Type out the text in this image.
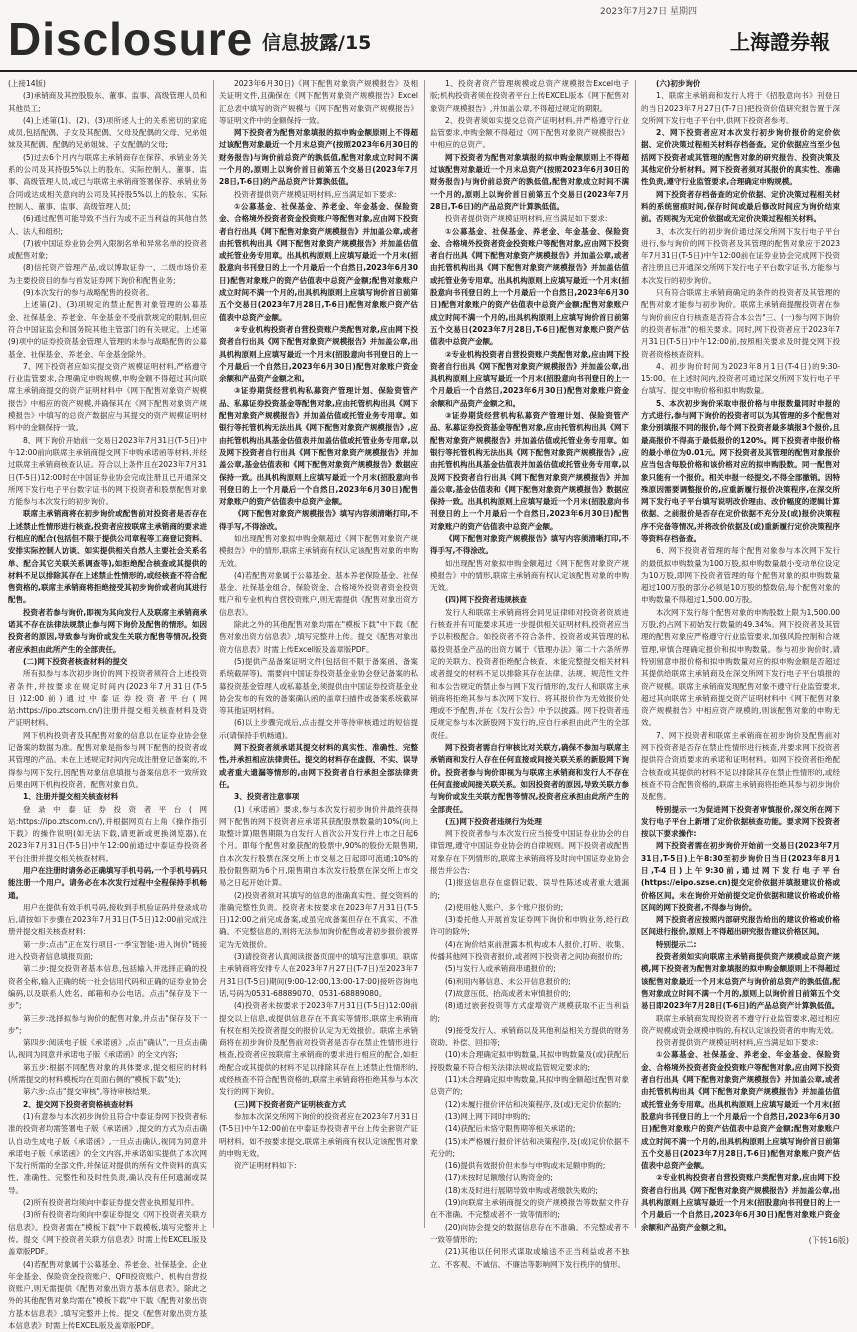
Disclosure 信息披露/15
2023年7月27日 星期四
上海證券報

(上接14版)

(3)承销商及其控股股东、董事、监事、高级管理人员和其他员工;

(4)上述第(1)、(2)、(3)项所述人士的关系密切的家庭成员,包括配偶、子女及其配偶、父母及配偶的父母、兄弟姐妹及其配偶、配偶的兄弟姐妹、子女配偶的父母;

(5)过去6个月内与联席主承销商存在保荐、承销业务关系的公司及其持股5%以上的股东、实际控制人、董事、监事、高级管理人员,或已与联席主承销商签署保荐、承销业务合同或达成相关意向的公司及其持股5%以上的股东、实际控制人、董事、监事、高级管理人员;

(6)通过配售可能导致不当行为或不正当利益的其他自然人、法人和组织;

(7)被中国证券业协会列入限制名单和异常名单的投资者或配售对象;

(8)信托资产管理产品,或以博取证券一、二级市场价差为主要投资目的参与首发证券网下询价和配售业务;

(9)本次发行的参与战略配售的投资者。

上述第(2)、(3)项规定的禁止配售对象管理的公募基金、社保基金、养老金、年金基金不受前款规定的限制,但应符合中国证监会和国务院其他主管部门的有关规定。上述第(9)项中的证券投资基金管理人管理的未参与战略配售的公募基金、社保基金、养老金、年金基金除外。

7、网下投资者应如实提交资产规模证明材料,严格遵守行业监管要求,合理确定申购规模,申购金额不得超过其向联席主承销商提交的资产证明材料中《网下配售对象资产规模报告》中相应的资产规模,并确保其在《网下配售对象资产规模报告》中填写的总资产数据应与其提交的资产规模证明材料中的金额保持一致。

8、网下询价开始前一交易日2023年7月31日(T-5日)中午12:00前向联席主承销商提交网下申购承诺函等材料,并经过联席主承销商核查认证。符合以上条件且在2023年7月31日(T-5日)12:00时在中国证券业协会完成注册且已开通深交所网下发行电子平台数字证书的网下投资者和股票配售对象方能参与本次发行的初步询价。

联席主承销商将在初步询价或配售前对投资者是否存在上述禁止性情形进行核查,投资者应按联席主承销商的要求进行相应的配合(包括但不限于提供公司章程等工商登记资料、安排实际控制人访谈、如实提供相关自然人主要社会关系名单、配合其它关联关系调查等),如拒绝配合核查或其提供的材料不足以排除其存在上述禁止性情形的,或经核查不符合配售资格的,联席主承销商将拒绝接受其初步询价或者向其进行配售。

投资者若参与询价,即视为其向发行人及联席主承销商承诺其不存在法律法规禁止参与网下询价及配售的情形。如因投资者的原因,导致参与询价或发生关联方配售等情况,投资者应承担由此所产生的全部责任。

(二)网下投资者核查材料的提交

所有拟参与本次初步询价的网下投资者须符合上述投资者条件,并按要求在规定时间内(2023年7月31日(T-5日)12:00前)通过中泰证券投资者平台(网站:https://ipo.ztscom.cn/)注册并提交相关核查材料及资产证明材料。

网下机构投资者及其配售对象的信息以在证券业协会登记备案的数据为准。配售对象是指参与网下配售的投资者或其管理的产品。未在上述规定时间内完成注册登记备案的,不得参与网下发行,因配售对象信息填报与备案信息不一致所致后果由网下机构投资者、配售对象自负。

1、注册并提交相关核查材料

登录中泰证券投资者平台(网站:https://ipo.ztscom.cn/),并根据网页右上角《操作指引下载》的操作说明(如无法下载,请更新或更换浏览器),在2023年7月31日(T-5日)中午12:00前通过中泰证券投资者平台注册并提交相关核查材料。

用户在注册时请务必正确填写手机号码,一个手机号码只能注册一个用户。请务必在本次发行过程中全程保持手机畅通。

用户在提供有效手机号码,接收到手机验证码并登录成功后,请按如下步骤在2023年7月31日(T-5日)12:00前完成注册并提交相关核查材料:

第一步:点击"正在发行项目-一季宝智能-进入询价"链接进入投资者信息填报页面;

第二步:提交投资者基本信息,包括输入并选择正确的投资者全称,输入正确的统一社会信用代码和正确的证券业协会编码,以及联系人姓名、邮箱和办公电话。点击"保存及下一步";

第三步:选择拟参与询价的配售对象,并点击"保存及下一步";

第四步:阅读电子版《承诺函》,点击"确认",一旦点击确认,视同为同意并承诺电子版《承诺函》的全文内容;

第五步:根据不同配售对象的具体要求,提交相应的材料(所需提交的材料模板均在页面右侧的"模板下载"处);

第六步:点击"提交审核",等待审核结果。

2、提交网下投资者资格核查材料

(1)有意参与本次初步询价且符合中泰证券网下投资者标准的投资者均需签署电子版《承诺函》,提交的方式为点击确认自动生成电子版《承诺函》,一旦点击确认,视同为同意并承诺电子版《承诺函》的全文内容,并承诺如实提供了本次网下发行所需的全部文件,并保证对提供的所有文件资料的真实性、准确性、完整性和及时性负责,确认没有任何遗漏或误导。

(2)所有投资者均须向中泰证券提交营业执照复印件。

(3)所有投资者均须向中泰证券提交《网下投资者关联方信息表》。投资者需在"模板下载"中下载模板,填写完整并上传。提交《网下投资者关联方信息表》时需上传EXCEL版及盖章版PDF。

(4)若配售对象属于公募基金、养老金、社保基金、企业年金基金、保险资金投资账户、QFII投资账户、机构自营投资账户,则无需提供《配售对象出资方基本信息表》。除此之外的其他配售对象均需在"模板下载"中下载《配售对象出资方基本信息表》,填写完整并上传。提交《配售对象出资方基本信息表》时需上传EXCEL版及盖章版PDF。

2023年6月30日)《网下配售对象资产规模报告》及相关证明文件,且确保在《网下配售对象资产规模报告》Excel汇总表中填写的资产规模与《网下配售对象资产规模报告》等证明文件中的金额保持一致。

网下投资者为配售对象填报的拟申购金额原则上不得超过该配售对象最近一个月末总资产(按照2023年6月30日的财务报告)与询价前总资产的孰低值,配售对象成立时间不满一个月的,原则上以询价首日前第五个交易日(2023年7月28日,T-6日)的产品总资产计算孰低值。

投资者提供资产规模证明材料,应当满足如下要求:

①公募基金、社保基金、养老金、年金基金、保险资金、合格境外投资者资金投资账户等配售对象,应由网下投资者自行出具《网下配售对象资产规模报告》并加盖公章,或者由托管机构出具《网下配售对象资产规模报告》并加盖估值或托管业务专用章。出具机构原则上应填写最近一个月末(招股意向书刊登日的上一个月最后一个自然日,2023年6月30日)配售对象账户的资产估值表中总资产金额;配售对象账户成立时间不满一个月的,出具机构原则上应填写询价首日前第五个交易日(2023年7月28日,T-6日)配售对象账户资产估值表中总资产金额。

②专业机构投资者自营投资账户类配售对象,应由网下投资者自行出具《网下配售对象资产规模报告》并加盖公章,出具机构原则上应填写最近一个月末(招股意向书刊登日的上一个月最后一个自然日,2023年6月30日)配售对象账户资金余额和产品资产金额之和。

③证券期货经营机构私募资产管理计划、保险资管产品、私募证券投资基金等配售对象,应由托管机构出具《网下配售对象资产规模报告》并加盖估值或托管业务专用章。如银行等托管机构无法出具《网下配售对象资产规模报告》,应由托管机构出具基金估值表并加盖估值或托管业务专用章,以及网下投资者自行出具《网下配售对象资产规模报告》并加盖公章,基金估值表和《网下配售对象资产规模报告》数据应保持一致。出具机构原则上应填写最近一个月末(招股意向书刊登日的上一个月最后一个自然日,2023年6月30日)配售对象账户的资产估值表中总资产金额。

《网下配售对象资产规模报告》填写内容须清晰打印,不得手写,不得涂改。

如出现配售对象拟申购金额超过《网下配售对象资产规模报告》中的情形,联席主承销商有权认定该配售对象的申购无效。

(4)若配售对象属于公募基金、基本养老保险基金、社保基金、社保基金组合、保险资金、合格境外投资者资金投资账户和专业机构自营投资账户,则无需提供《配售对象出资方信息表》。

除此之外的其他配售对象均需在"模板下载"中下载《配售对象出资方信息表》,填写完整并上传。提交《配售对象出资方信息表》时需上传Excel版及盖章版PDF。

(5)提供产品备案证明文件(包括但不限于备案函、备案系统截屏等)。需要向中国证券投资基金业协会登记备案的私募投资基金管理人或私募基金,须提供由中国证券投资基金业协会发布的有效的备案确认函的盖章扫描件或备案系统截屏等其他证明材料。

(6)以上步骤完成后,点击提交并等待审核通过的短信提示(请保持手机畅通)。

网下投资者须承诺其提交材料的真实性、准确性、完整性,并承担相应法律责任。提交的材料存在虚假、不实、误导或者重大遗漏等情形的,由网下投资者自行承担全部法律责任。

3、投资者注意事项

(1)《承诺函》要求,参与本次发行初步询价并最终获得网下配售的网下投资者应承诺其获配股票数量的10%(向上取整计算)限售期限为自发行人首次公开发行并上市之日起6个月。即每个配售对象获配的股票中,90%的股份无限售期,自本次发行股票在深交所上市交易之日起即可流通;10%的股份限售期为6个月,限售期自本次发行股票在深交所上市交易之日起开始计算。

(2)投资者须对其填写的信息的准确真实性、提交资料的准确完整性负责。投资者未按要求在2023年7月31日(T-5日)12:00之前完成备案,或虽完成备案但存在不真实、不准确、不完整信息的,则将无法参加询价配售或者初步报价被界定为无效报价。

(3)请投资者认真阅读报备页面中的填写注意事项。联席主承销商将安排专人在2023年7月27日(T-7日)至2023年7月31日(T-5日)期间(9:00-12:00,13:00-17:00)接听咨询电话,号码为0531-68889070、0531-68889080。

(4)投资者未按要求于2023年7月31日(T-5日)12:00前提交以上信息,或提供信息存在不真实等情形,联席主承销商有权在相关投资者提交的报价认定为无效报价。联席主承销商将在初步询价及配售前对投资者是否存在禁止性情形进行核查,投资者应按联席主承销商的要求进行相应的配合,如拒绝配合或其提供的材料不足以排除其存在上述禁止性情形的,或经核查不符合配售资格的,联席主承销商将拒绝其参与本次发行的网下询价。

(三)网下投资者资产证明核查方式

参加本次深交所网下询价的投资者应在2023年7月31日(T-5日)中午12:00前在中泰证券投资者平台上传全套资产证明材料。如不按要求提交,联席主承销商有权认定该配售对象的申购无效。

资产证明材料如下:

1、投资者资产管理规模或总资产规模报告Excel电子版;机构投资者须在投资者平台上传EXCEL版本《网下配售对象资产规模报告》,并加盖公章,不得超过规定的期限。

2、投资者须如实提交总资产证明材料,并严格遵守行业监管要求,申购金额不得超过《网下配售对象资产规模报告》中相应的总资产。

网下投资者为配售对象填报的拟申购金额原则上不得超过该配售对象最近一个月末总资产(按照2023年6月30日的财务报告)与询价前总资产的孰低值,配售对象成立时间不满一个月的,原则上以询价首日前第五个交易日(2023年7月28日,T-6日)的产品总资产计算孰低值。

投资者提供资产规模证明材料,应当满足如下要求:

①公募基金、社保基金、养老金、年金基金、保险资金、合格境外投资者资金投资账户等配售对象,应由网下投资者自行出具《网下配售对象资产规模报告》并加盖公章,或者由托管机构出具《网下配售对象资产规模报告》并加盖估值或托管业务专用章。出具机构原则上应填写最近一个月末(招股意向书刊登日的上一个月最后一个自然日,2023年6月30日)配售对象账户的资产估值表中总资产金额;配售对象账户成立时间不满一个月的,出具机构原则上应填写询价首日前第五个交易日(2023年7月28日,T-6日)配售对象账户资产估值表中总资产金额。

②专业机构投资者自营投资账户类配售对象,应由网下投资者自行出具《网下配售对象资产规模报告》并加盖公章,出具机构原则上应填写最近一个月末(招股意向书刊登日的上一个月最后一个自然日,2023年6月30日)配售对象账户资金余额和产品资产金额之和。

③证券期货经营机构私募资产管理计划、保险资管产品、私募证券投资基金等配售对象,应由托管机构出具《网下配售对象资产规模报告》并加盖估值或托管业务专用章。如银行等托管机构无法出具《网下配售对象资产规模报告》,应由托管机构出具基金估值表并加盖估值或托管业务专用章,以及网下投资者自行出具《网下配售对象资产规模报告》并加盖公章,基金估值表和《网下配售对象资产规模报告》数据应保持一致。出具机构原则上应填写最近一个月末(招股意向书刊登日的上一个月最后一个自然日,2023年6月30日)配售对象账户的资产估值表中总资产金额。

《网下配售对象资产规模报告》填写内容须清晰打印,不得手写,不得涂改。

如出现配售对象拟申购金额超过《网下配售对象资产规模报告》中的情形,联席主承销商有权认定该配售对象的申购无效。

(四)网下投资者违规核查

发行人和联席主承销商将会同见证律师对投资者资质进行核查并有可能要求其进一步提供相关证明材料,投资者应当予以积极配合。如投资者不符合条件、投资者或其管理的私募投资基金产品的出资方属于《管理办法》第二十六条所界定的关联方、投资者拒绝配合核查、未能完整提交相关材料或者提交的材料不足以排除其存在法律、法规、规范性文件和本公告规定的禁止参与网下发行情形的,发行人和联席主承销商将拒绝其参与本次网下发行、将其报价作为无效报价处理或不予配售,并在《发行公告》中予以披露。网下投资者违反规定参与本次新股网下发行的,应自行承担由此产生的全部责任。

网下投资者需自行审核比对关联方,确保不参加与联席主承销商和发行人存在任何直接或间接关联关系的新股网下询价。投资者参与询价即视为与联席主承销商和发行人不存在任何直接或间接关联关系。如因投资者的原因,导致关联方参与询价或发生关联方配售等情况,投资者应承担由此所产生的全部责任。

(五)网下投资者违规行为处理

网下投资者参与本次发行应当接受中国证券业协会的自律管理,遵守中国证券业协会的自律规则。网下投资者或配售对象存在下列情形的,联席主承销商将及时向中国证券业协会报告并公告:

(1)报送信息存在虚假记载、误导性陈述或者重大遗漏的;

(2)使用他人账户、多个账户报价的;

(3)委托他人开展首发证券网下询价和申购业务,经行政许可的除外;

(4)在询价结束前泄露本机构或本人报价,打听、收集、传播其他网下投资者报价,或者网下投资者之间协商报价的;

(5)与发行人或承销商串通报价的;

(6)利用内幕信息、未公开信息报价的;

(7)故意压低、抬高或者未审慎报价的;

(8)通过嵌套投资等方式虚增资产规模获取不正当利益的;

(9)接受发行人、承销商以及其他利益相关方提供的财务资助、补偿、回扣等;

(10)未合理确定拟申购数量,其拟申购数量及(或)获配后持股数量不符合相关法律法规或监管规定要求的;

(11)未合理确定拟申购数量,其拟申购金额超过配售对象总资产的;

(12)未履行报价评估和决策程序,及(或)无定价依据的;

(13)网上网下同时申购的;

(14)获配后未恪守限售期等相关承诺的;

(15)未严格履行报价评估和决策程序,及(或)定价依据不充分的;

(16)提供有效报价但未参与申购或未足额申购的;

(17)未按时足额缴付认购资金的;

(18)未及时进行展期导致申购或者缴款失败的;

(19)向联席主承销商提交的资产规模报告等数据文件存在不准确、不完整或者不一致等情形的;

(20)向协会提交的数据信息存在不准确、不完整或者不一致等情形的;

(21)其他以任何形式谋取或输送不正当利益或者不独立、不客观、不诚信、不廉洁等影响网下发行秩序的情形。

(六)初步询价

1、联席主承销商和发行人将于《招股意向书》刊登日的当日2023年7月27日(T-7日)把投资价值研究报告置于深交所网下发行电子平台中,供网下投资者参考。

2、网下投资者应对本次发行初步询价报价的定价依据、定价决策过程相关材料存档备查。定价依据应当至少包括网下投资者或其管理的配售对象的研究报告、投资决策及其他定价分析材料。网下投资者须对其报价的真实性、准确性负责,遵守行业监管要求,合理确定申购规模。

网下投资者存档备查的定价依据、定价决策过程相关材料的系统留痕时间,保存时间或最后修改时间应为询价结束前。否则视为无定价依据或无定价决策过程相关材料。

3、本次发行的初步询价通过深交所网下发行电子平台进行,参与询价的网下投资者及其管理的配售对象应于2023年7月31日(T-5日)中午12:00前在证券业协会完成网下投资者注册且已开通深交所网下发行电子平台数字证书,方能参与本次发行的初步询价。

只有符合联席主承销商确定的条件的投资者及其管理的配售对象才能参与初步询价。联席主承销商提醒投资者在参与询价前应自行核查是否符合本公告"三、(一)参与网下询价的投资者标准"的相关要求。同时,网下投资者应于2023年7月31日(T-5日)中午12:00前,按照相关要求及时提交网下投资者资格核查资料。

4、初步询价时间为2023年8月1日(T-4日)的9:30-15:00。在上述时间内,投资者可通过深交所网下发行电子平台填写、提交申购价格和拟申购数量。

5、本次初步询价采取申报价格与申报数量同时申报的方式进行,参与网下询价的投资者可以为其管理的多个配售对象分别填报不同的报价,每个网下投资者最多填报3个报价,且最高报价不得高于最低报价的120%。网下投资者申报价格的最小单位为0.01元。网下投资者及其管理的配售对象报价应当包含每股价格和该价格对应的拟申购股数。同一配售对象只能有一个报价。相关申报一经提交,不得全部撤销。因特殊原因需要调整报价的,应重新履行报价决策程序,在深交所网下发行电子平台填写说明改价理由、改价幅度的逻辑计算依据、之前报价是否存在定价依据不充分及(或)报价决策程序不完备等情况,并将改价依据及(或)重新履行定价决策程序等资料存档备查。

6、网下投资者管理的每个配售对象参与本次网下发行的最低拟申购数量为100万股,拟申购数量最小变动单位设定为10万股,即网下投资者管理的每个配售对象的拟申购数量超过100万股的部分必须是10万股的整数倍,每个配售对象的申购数量不得超过1,500.00万股。

本次网下发行每个配售对象的申购股数上限为1,500.00万股,约占网下初始发行数量的49.34%。网下投资者及其管理的配售对象应严格遵守行业监管要求,加强风险控制和合规管理,审慎合理确定报价和拟申购数量。参与初步询价时,请特别留意申报价格和拟申购数量对应的拟申购金额是否超过其提供给联席主承销商及在深交所网下发行电子平台填报的资产规模。联席主承销商发现配售对象不遵守行业监管要求,超过其向联席主承销商提交资产证明材料中《网下配售对象资产规模报告》中相应资产规模的,则该配售对象的申购无效。

7、网下投资者和联席主承销商在初步询价及配售前对网下投资者是否存在禁止性情形进行核查,并要求网下投资者提供符合资质要求的承诺和证明材料。如网下投资者拒绝配合核查或其提供的材料不足以排除其存在禁止性情形的,或经核查不符合配售资格的,联席主承销商将拒绝其参与初步询价及配售。

特别提示一:为促进网下投资者审慎报价,深交所在网下发行电子平台上新增了定价依据核查功能。要求网下投资者按以下要求操作:

网下投资者需在初步询价开始前一交易日(2023年7月31日,T-5日)上午8:30至初步询价日当日(2023年8月1日,T-4日)上午9:30前,通过网下发行电子平台(https://eipo.szse.cn)提交定价依据并填报建议价格或价格区间。未在询价开始前提交定价依据和建议价格或价格区间的网下投资者,不得参与询价。

网下投资者应按照内部研究报告给出的建议价格或价格区间进行报价,原则上不得超出研究报告建议价格区间。

特别提示二:

投资者须如实向联席主承销商提供资产规模或总资产规模,网下投资者为配售对象填报的拟申购金额原则上不得超过该配售对象最近一个月末总资产与询价前总资产的孰低值,配售对象成立时间不满一个月的,原则上以询价首日前第五个交易日即2023年7月28日(T-6日)的产品总资产计算孰低值。

联席主承销商发现投资者不遵守行业监管要求,超过相应资产规模或资金规模申购的,有权认定该投资者的申购无效。

投资者提供资产规模证明材料,应当满足如下要求:

①公募基金、社保基金、养老金、年金基金、保险资金、合格境外投资者资金投资账户等配售对象,应由网下投资者自行出具《网下配售对象资产规模报告》并加盖公章,或者由托管机构出具《网下配售对象资产规模报告》并加盖估值或托管业务专用章。出具机构原则上应填写最近一个月末(招股意向书刊登日的上一个月最后一个自然日,2023年6月30日)配售对象账户的资产估值表中总资产金额;配售对象账户成立时间不满一个月的,出具机构原则上应填写询价首日前第五个交易日(2023年7月28日,T-6日)配售对象账户资产估值表中总资产金额。

②专业机构投资者自营投资账户类配售对象,应由网下投资者自行出具《网下配售对象资产规模报告》并加盖公章,出具机构原则上应填写最近一个月末(招股意向书刊登日的上一个月最后一个自然日,2023年6月30日)配售对象账户资金余额和产品资产金额之和。

(下转16版)
